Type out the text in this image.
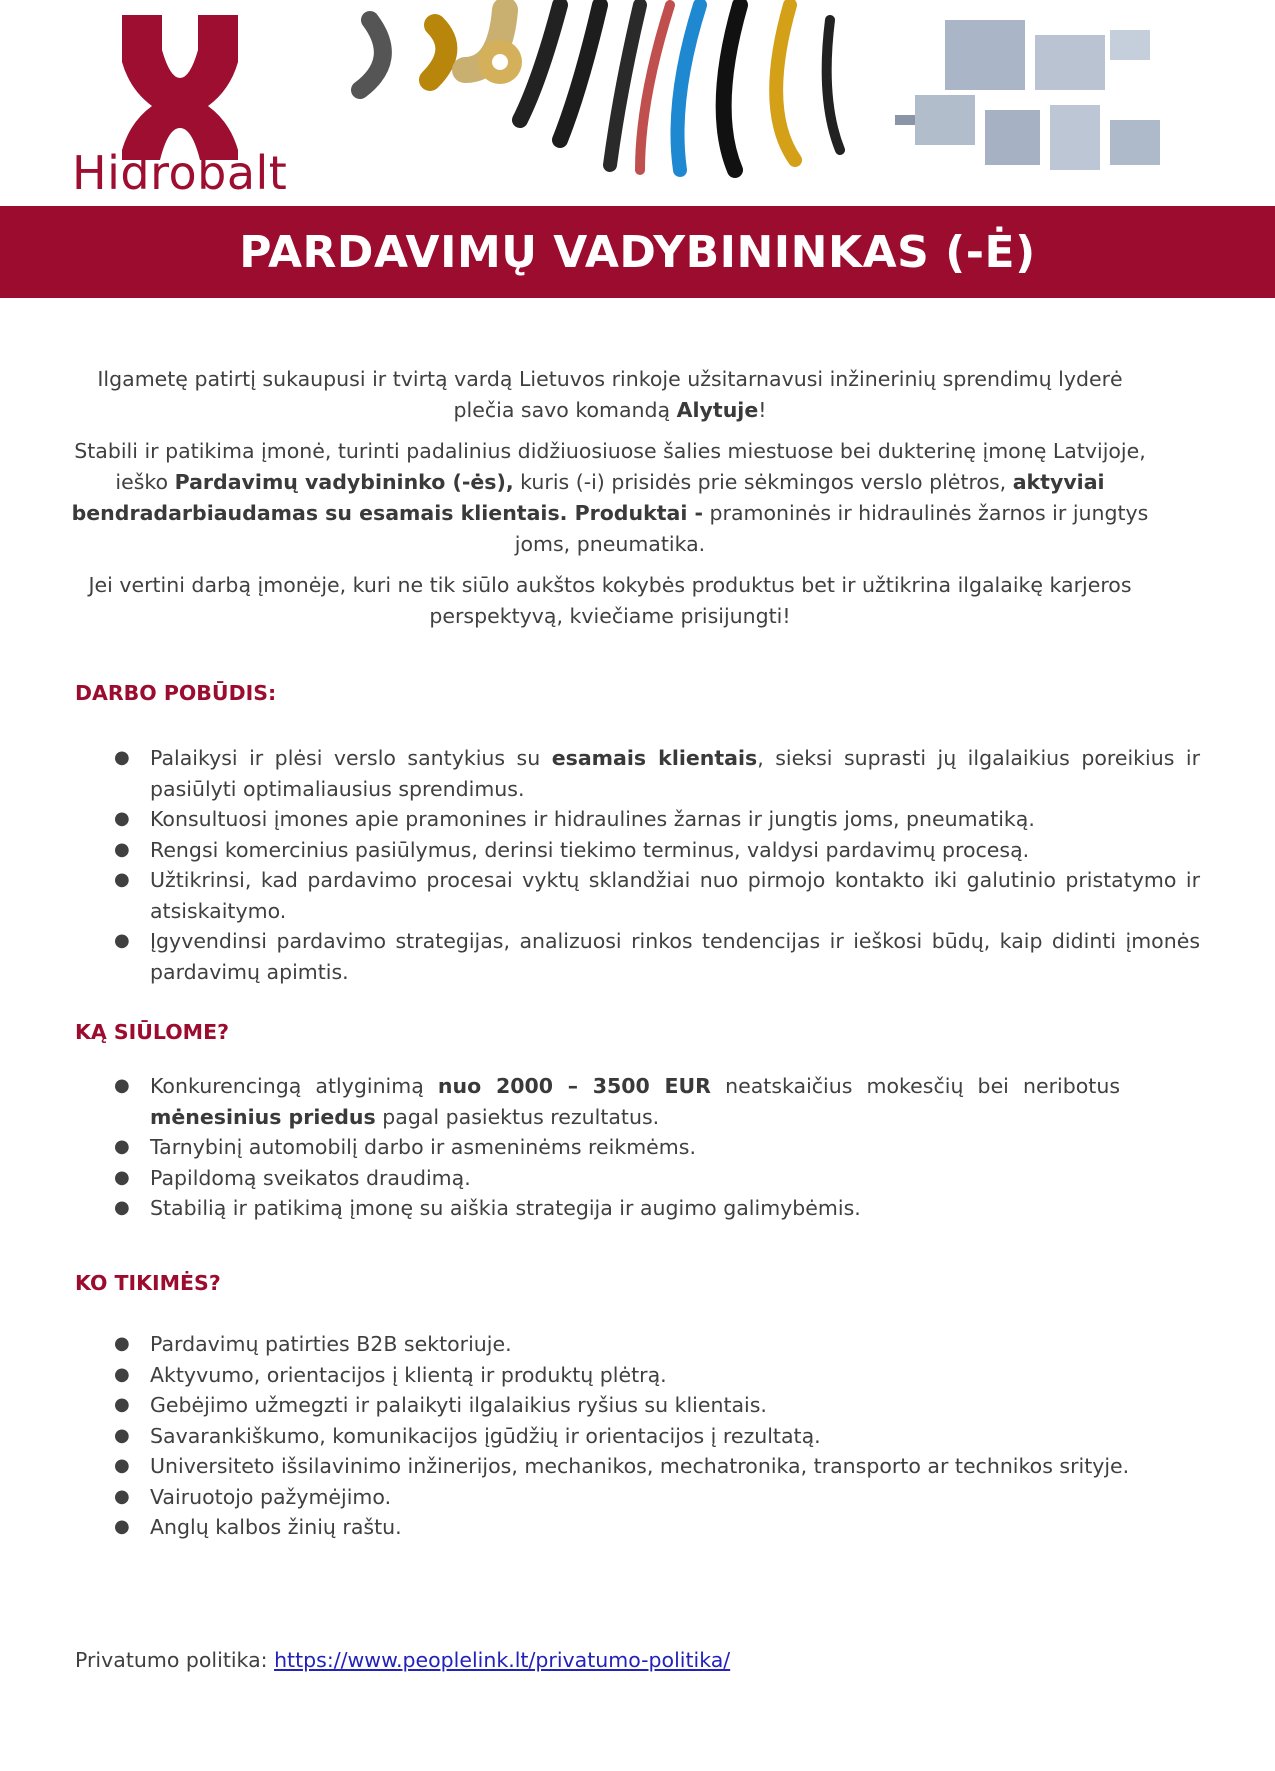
Hidrobalt
PARDAVIMŲ VADYBININKAS (-Ė)

Ilgametę patirtį sukaupusi ir tvirtą vardą Lietuvos rinkoje užsitarnavusi inžinerinių sprendimų lyderė plečia savo komandą Alytuje!

Stabili ir patikima įmonė, turinti padalinius didžiuosiuose šalies miestuose bei dukterinę įmonę Latvijoje, ieško Pardavimų vadybininko (-ės), kuris (-i) prisidės prie sėkmingos verslo plėtros, aktyviai bendradarbiaudamas su esamais klientais. Produktai - pramoninės ir hidraulinės žarnos ir jungtys joms, pneumatika.

Jei vertini darbą įmonėje, kuri ne tik siūlo aukštos kokybės produktus bet ir užtikrina ilgalaikę karjeros perspektyvą, kviečiame prisijungti!

DARBO POBŪDIS:
● Palaikysi ir plėsi verslo santykius su esamais klientais, sieksi suprasti jų ilgalaikius poreikius ir pasiūlyti optimaliausius sprendimus.
● Konsultuosi įmones apie pramonines ir hidraulines žarnas ir jungtis joms, pneumatiką.
● Rengsi komercinius pasiūlymus, derinsi tiekimo terminus, valdysi pardavimų procesą.
● Užtikrinsi, kad pardavimo procesai vyktų sklandžiai nuo pirmojo kontakto iki galutinio pristatymo ir atsiskaitymo.
● Įgyvendinsi pardavimo strategijas, analizuosi rinkos tendencijas ir ieškosi būdų, kaip didinti įmonės pardavimų apimtis.
KĄ SIŪLOME?
● Konkurencingą atlyginimą nuo 2000 – 3500 EUR neatskaičius mokesčių bei neribotus mėnesinius priedus pagal pasiektus rezultatus.
● Tarnybinį automobilį darbo ir asmeninėms reikmėms.
● Papildomą sveikatos draudimą.
● Stabilią ir patikimą įmonę su aiškia strategija ir augimo galimybėmis.
KO TIKIMĖS?
● Pardavimų patirties B2B sektoriuje.
● Aktyvumo, orientacijos į klientą ir produktų plėtrą.
● Gebėjimo užmegzti ir palaikyti ilgalaikius ryšius su klientais.
● Savarankiškumo, komunikacijos įgūdžių ir orientacijos į rezultatą.
● Universiteto išsilavinimo inžinerijos, mechanikos, mechatronika, transporto ar technikos srityje.
● Vairuotojo pažymėjimo.
● Anglų kalbos žinių raštu.
Privatumo politika: https://www.peoplelink.lt/privatumo-politika/
